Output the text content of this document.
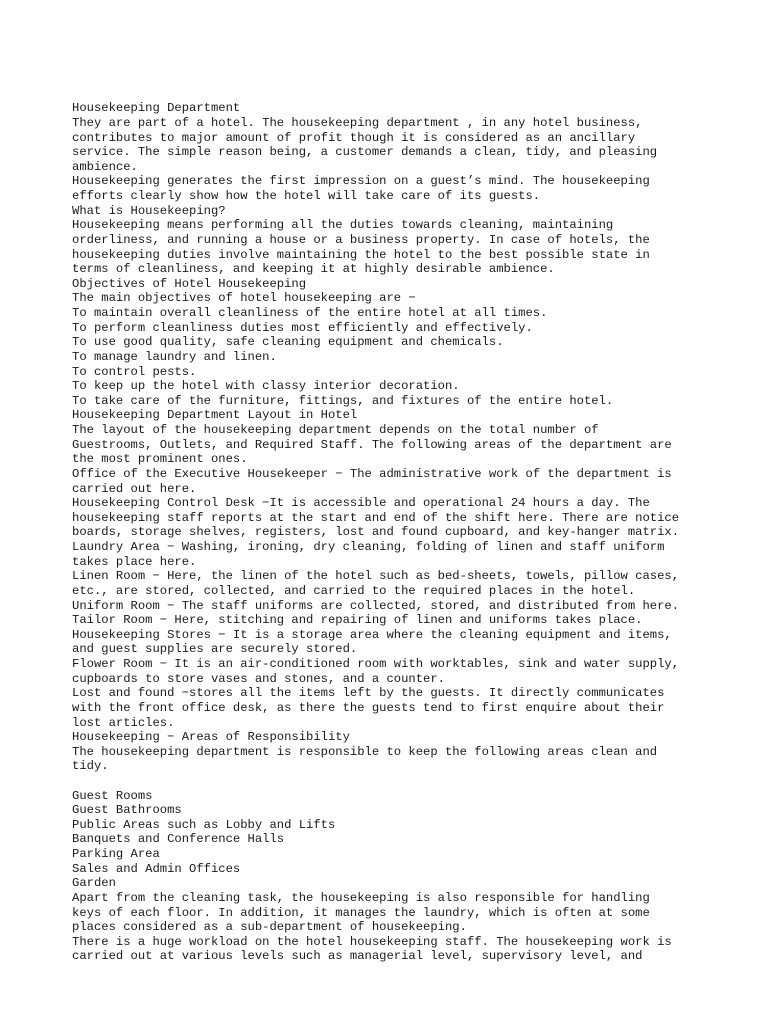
Housekeeping Department
They are part of a hotel. The housekeeping department , in any hotel business,
contributes to major amount of profit though it is considered as an ancillary
service. The simple reason being, a customer demands a clean, tidy, and pleasing
ambience.
Housekeeping generates the first impression on a guest’s mind. The housekeeping
efforts clearly show how the hotel will take care of its guests.
What is Housekeeping?
Housekeeping means performing all the duties towards cleaning, maintaining
orderliness, and running a house or a business property. In case of hotels, the
housekeeping duties involve maintaining the hotel to the best possible state in
terms of cleanliness, and keeping it at highly desirable ambience.
Objectives of Hotel Housekeeping
The main objectives of hotel housekeeping are −
To maintain overall cleanliness of the entire hotel at all times.
To perform cleanliness duties most efficiently and effectively.
To use good quality, safe cleaning equipment and chemicals.
To manage laundry and linen.
To control pests.
To keep up the hotel with classy interior decoration.
To take care of the furniture, fittings, and fixtures of the entire hotel.
Housekeeping Department Layout in Hotel
The layout of the housekeeping department depends on the total number of
Guestrooms, Outlets, and Required Staff. The following areas of the department are
the most prominent ones.
Office of the Executive Housekeeper − The administrative work of the department is
carried out here.
Housekeeping Control Desk −It is accessible and operational 24 hours a day. The
housekeeping staff reports at the start and end of the shift here. There are notice
boards, storage shelves, registers, lost and found cupboard, and key-hanger matrix.
Laundry Area − Washing, ironing, dry cleaning, folding of linen and staff uniform
takes place here.
Linen Room − Here, the linen of the hotel such as bed-sheets, towels, pillow cases,
etc., are stored, collected, and carried to the required places in the hotel.
Uniform Room − The staff uniforms are collected, stored, and distributed from here.
Tailor Room − Here, stitching and repairing of linen and uniforms takes place.
Housekeeping Stores − It is a storage area where the cleaning equipment and items,
and guest supplies are securely stored.
Flower Room − It is an air-conditioned room with worktables, sink and water supply,
cupboards to store vases and stones, and a counter.
Lost and found −stores all the items left by the guests. It directly communicates
with the front office desk, as there the guests tend to first enquire about their
lost articles.
Housekeeping − Areas of Responsibility
The housekeeping department is responsible to keep the following areas clean and
tidy.
Guest Rooms
Guest Bathrooms
Public Areas such as Lobby and Lifts
Banquets and Conference Halls
Parking Area
Sales and Admin Offices
Garden
Apart from the cleaning task, the housekeeping is also responsible for handling
keys of each floor. In addition, it manages the laundry, which is often at some
places considered as a sub-department of housekeeping.
There is a huge workload on the hotel housekeeping staff. The housekeeping work is
carried out at various levels such as managerial level, supervisory level, and
